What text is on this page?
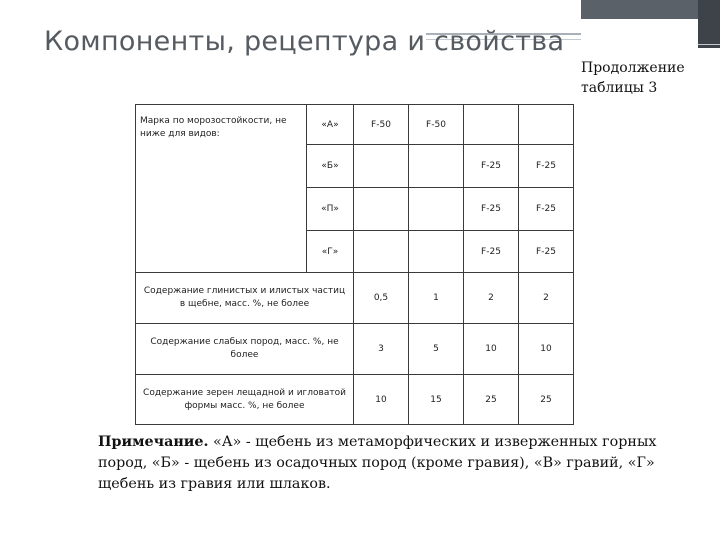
Компоненты, рецептура и свойства
Продолжение
таблицы 3
Марка по морозостойкости, не ниже для видов:	«А»	F-50	F-50		
	«Б»			F-25	F-25
	«П»			F-25	F-25
	«Г»			F-25	F-25
Содержание глинистых и илистых частиц в щебне, масс. %, не более		0,5	1	2	2
Содержание слабых пород, масс. %, не более		3	5	10	10
Содержание зерен лещадной и игловатой формы масс. %, не более		10	15	25	25
Примечание. «А» - щебень из метаморфических и изверженных горных пород, «Б» - щебень из осадочных пород (кроме гравия), «В» гравий, «Г» щебень из гравия или шлаков.
